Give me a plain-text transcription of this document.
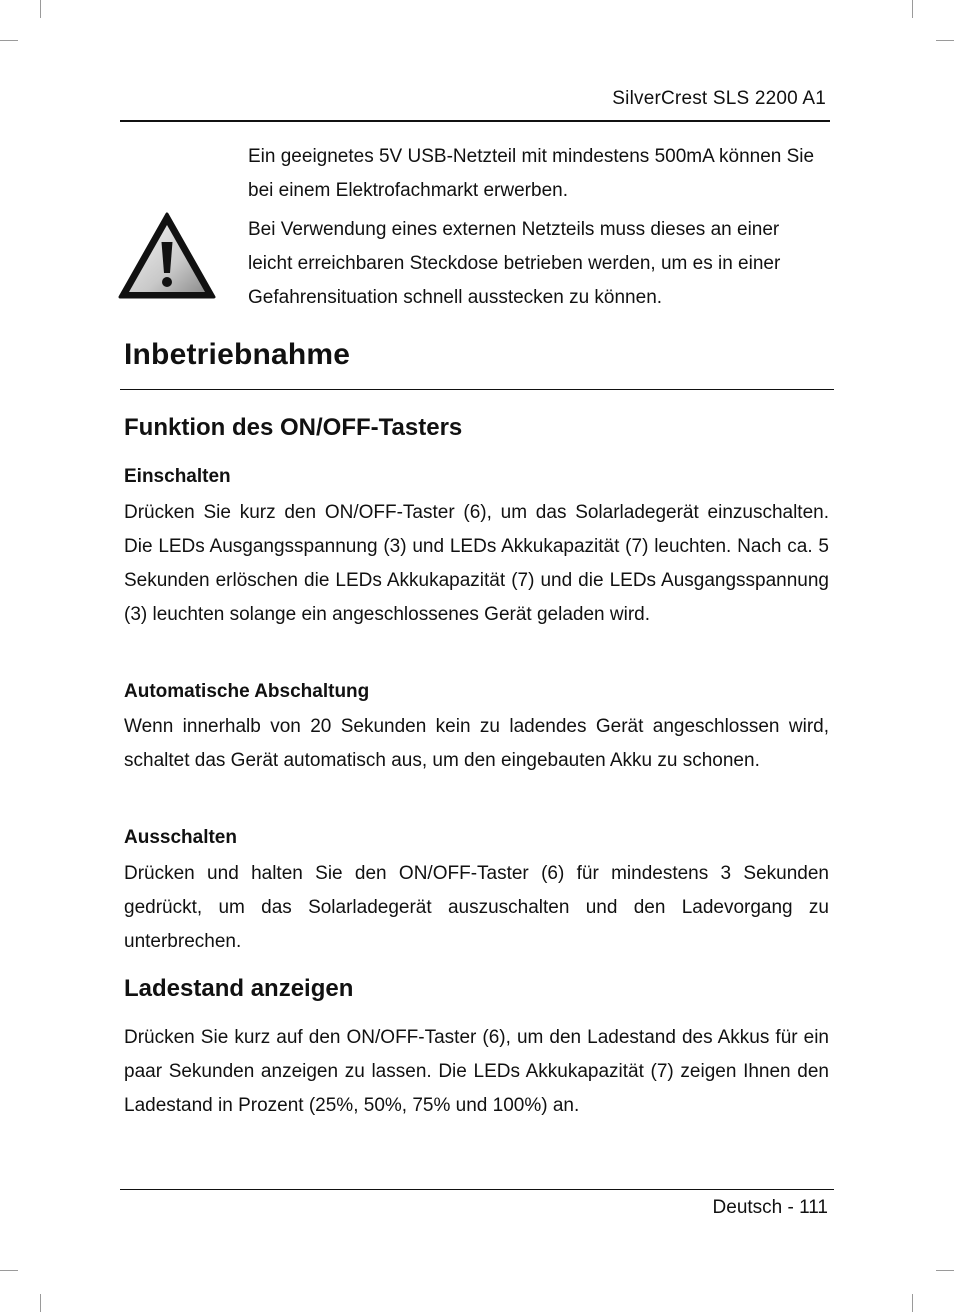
SilverCrest SLS 2200 A1

Ein geeignetes 5V USB-Netzteil mit mindestens 500mA können Sie bei einem Elektrofachmarkt erwerben.

Bei Verwendung eines externen Netzteils muss dieses an einer leicht erreichbaren Steckdose betrieben werden, um es in einer Gefahrensituation schnell ausstecken zu können.

Inbetriebnahme
Funktion des ON/OFF-Tasters
Einschalten

Drücken Sie kurz den ON/OFF-Taster (6), um das Solarladegerät einzuschalten. Die LEDs Ausgangsspannung (3) und LEDs Akkukapazität (7) leuchten. Nach ca. 5 Sekunden erlöschen die LEDs Akkukapazität (7) und die LEDs Ausgangsspannung (3) leuchten solange ein angeschlossenes Gerät geladen wird.

Automatische Abschaltung

Wenn innerhalb von 20 Sekunden kein zu ladendes Gerät angeschlossen wird, schaltet das Gerät automatisch aus, um den eingebauten Akku zu schonen.

Ausschalten

Drücken und halten Sie den ON/OFF-Taster (6) für mindestens 3 Sekunden gedrückt, um das Solarladegerät auszuschalten und den Ladevorgang zu unterbrechen.

Ladestand anzeigen

Drücken Sie kurz auf den ON/OFF-Taster (6), um den Ladestand des Akkus für ein paar Sekunden anzeigen zu lassen. Die LEDs Akkukapazität (7) zeigen Ihnen den Ladestand in Prozent (25%, 50%, 75% und 100%) an.

Deutsch - 111
